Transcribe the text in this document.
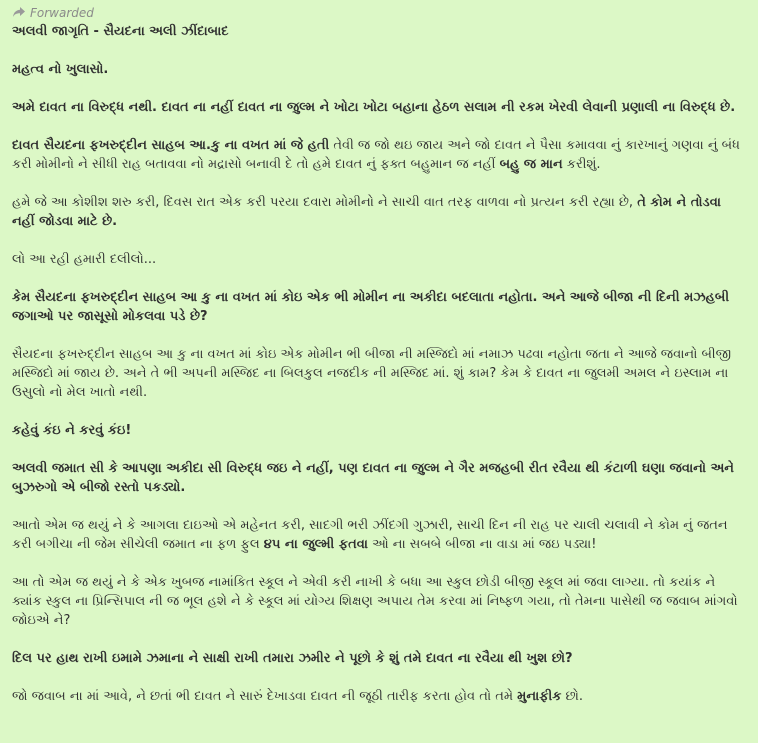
Forwarded

અલવી જાગૃતિ - સૈયદના અલી ઝીંદાબાદ

મહત્વ નો ખુલાસો.

અમે દાવત ના વિરુદ્ધ નથી. દાવત ના નહીં દાવત ના જુલ્મ ને ખોટા ખોટા બહાના હેઠળ સલામ ની રકમ ખેરવી લેવાની પ્રણાલી ના વિરુદ્ધ છે.

દાવત સૈયદના ફખરુદ્દીન સાહબ આ.કુ ના વખત માં જે હતી તેવી જ જો થઇ જાય અને જો દાવત ને પૈસા કમાવવા નું કારખાનું ગણવા નું બંધ કરી મોમીનો ને સીધી રાહ બતાવવા નો મદ્રાસો બનાવી દે તો હમે દાવત નું ફક્ત બહુમાન જ નહીં બહુ જ માન કરીશું.

હમે જે આ કોશીશ શરુ કરી, દિવસ રાત એક કરી પરયા દવારા મોમીનો ને સાચી વાત તરફ વાળવા નો પ્રત્યન કરી રહ્યા છે, તે કોમ ને તોડવા નહીં જોડવા માટે છે.

લો આ રહી હમારી દલીલો...

કેમ સૈયદના ફખરુદ્દીન સાહબ આ કુ ના વખત માં કોઇ એક ભી મોમીન ના અકીદા બદલાતા નહોતા. અને આજે બીજા ની દિની મઝહબી જગાઓ પર જાસૂસો મોકલવા પડે છે?

સૈયદના ફખરુદ્દીન સાહબ આ કુ ના વખત માં કોઇ એક મોમીન ભી બીજા ની મસ્જિદો માં નમાઝ પઢવા નહોતા જતા ને આજે જવાનો બીજી મસ્જિદો માં જાય છે. અને તે ભી અપની મસ્જિદ ના બિલકુલ નજદીક ની મસ્જિદ માં. શું કામ? કેમ કે દાવત ના જુલમી અમલ ને ઇસ્લામ ના ઉસુલો નો મેલ ખાતો નથી.

કહેવું કંઇ ને કરવું કંઇ!

અલવી જમાત સી કે આપણા અકીદા સી વિરુદ્ધ જઇ ને નહીં, પણ દાવત ના જુલ્મ ને ગૈર મજહબી રીત રવૈયા થી કંટાળી ઘણા જવાનો અને બુઝરુગો એ બીજો રસ્તો પકડ્યો.

આતો એમ જ થયું ને કે આગલા દાઇઓ એ મહેનત કરી, સાદગી ભરી ઝીંદગી ગુઝારી, સાચી દિન ની રાહ પર ચાલી ચલાવી ને કોમ નું જતન કરી બગીચા ની જેમ સીચેલી જમાત ના ફળ ફુલ ૪૫ ના જુલ્મી ફતવા ઓ ના સબબે બીજા ના વાડા માં જઇ પડ્યા!

આ તો એમ જ થયું ને કે એક ખુબજ નામાંકિત સ્કૂલ ને એવી કરી નાખી કે બધા આ સ્કુલ છોડી બીજી સ્કૂલ માં જવા લાગ્યા. તો કયાંક ને ક્યાંક સ્કુલ ના પ્રિન્સિપાલ ની જ ભૂલ હશે ને કે સ્કૂલ માં યોગ્ય શિક્ષણ અપાય તેમ કરવા માં નિષ્ફળ ગયા, તો તેમના પાસેથી જ જવાબ માંગવો જોઇએ ને?

દિલ પર હાથ રાખી ઇમામે ઝમાના ને સાક્ષી રાખી તમારા ઝમીર ને પૂછો કે શું તમે દાવત ના રવૈયા થી ખુશ છો?

જો જવાબ ના માં આવે, ને છતાં ભી દાવત ને સારું દેખાડવા દાવત ની જૂઠી તારીફ કરતા હોવ તો તમે મુનાફીક છો.
